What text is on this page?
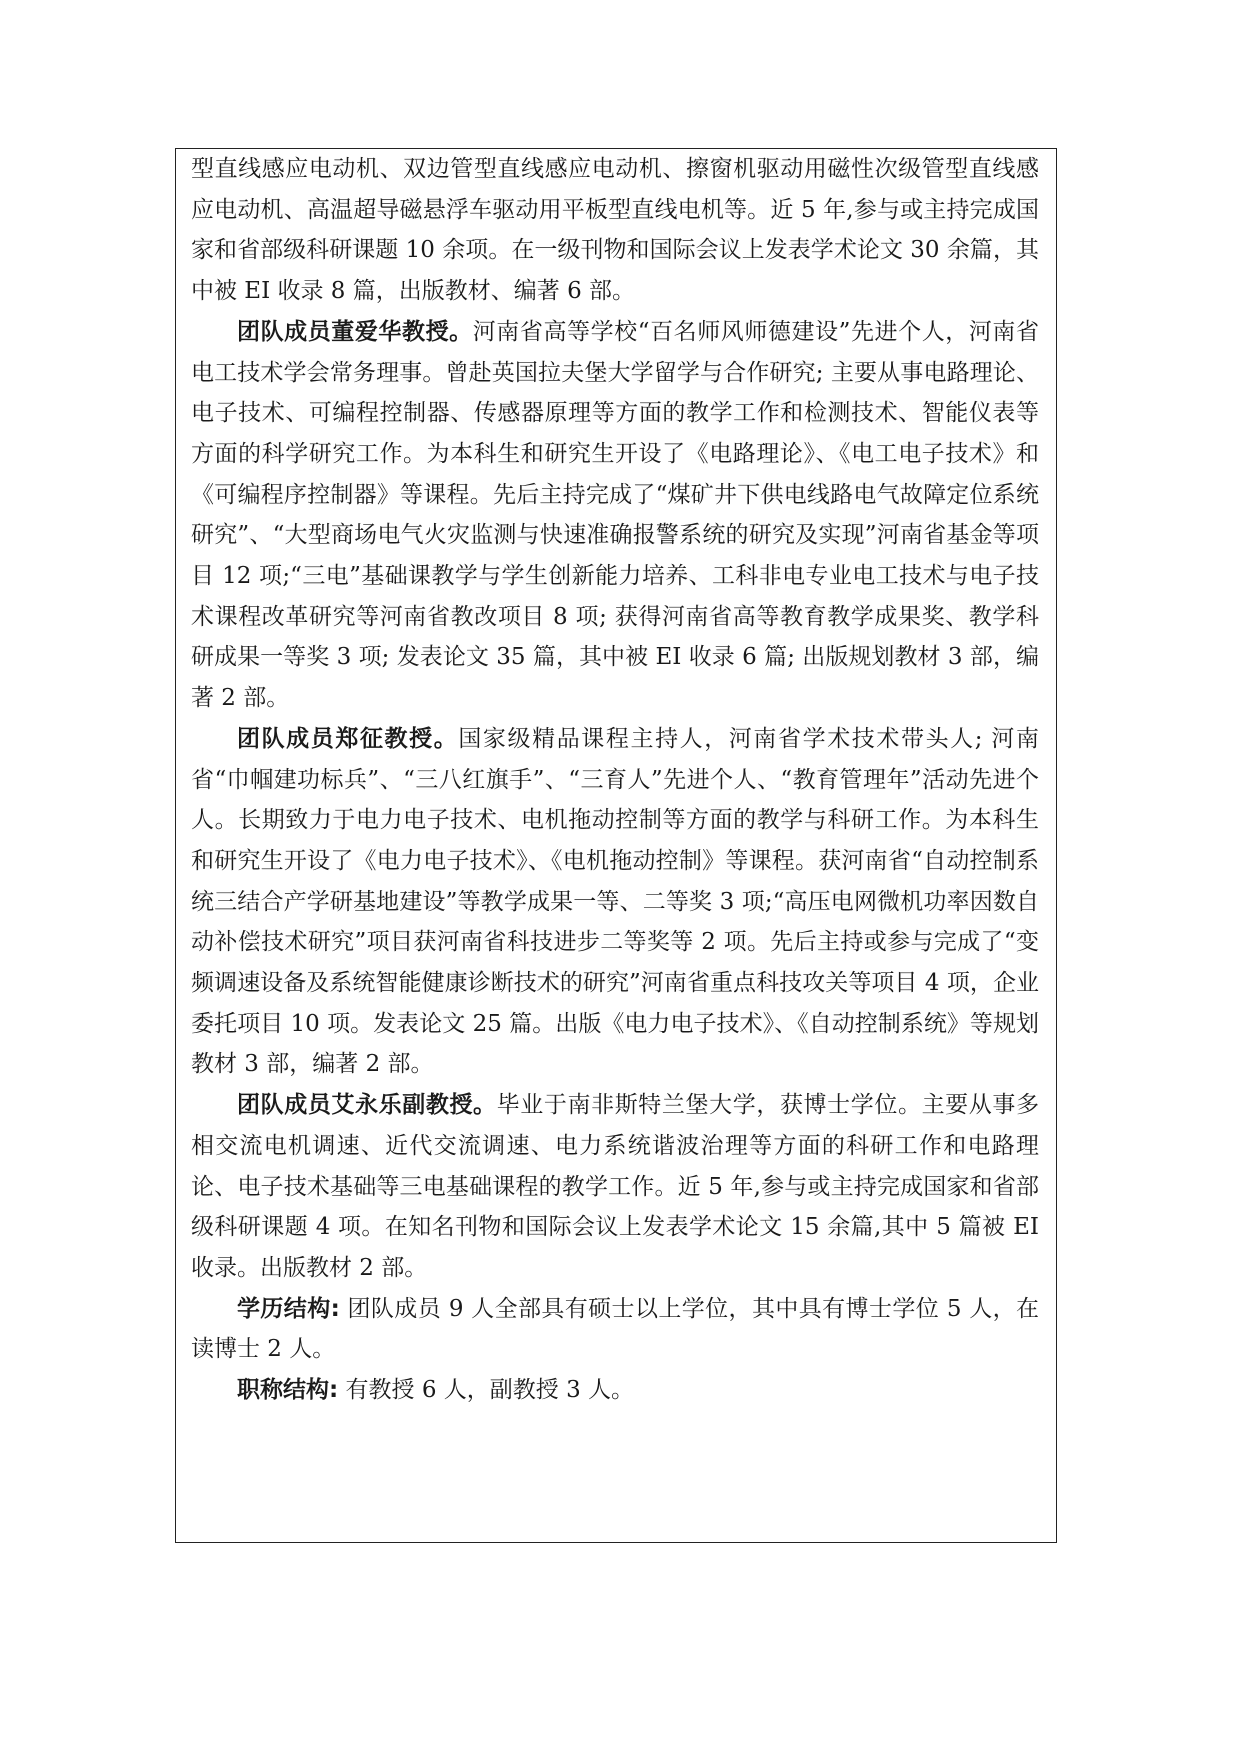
型直线感应电动机、双边管型直线感应电动机、擦窗机驱动用磁性次级管型直线感应电动机、高温超导磁悬浮车驱动用平板型直线电机等。近 5 年,参与或主持完成国家和省部级科研课题 10 余项。在一级刊物和国际会议上发表学术论文 30 余篇，其中被 EI 收录 8 篇，出版教材、编著 6 部。

团队成员董爱华教授。河南省高等学校“百名师风师德建设”先进个人，河南省电工技术学会常务理事。曾赴英国拉夫堡大学留学与合作研究; 主要从事电路理论、电子技术、可编程控制器、传感器原理等方面的教学工作和检测技术、智能仪表等方面的科学研究工作。为本科生和研究生开设了《电路理论》、《电工电子技术》和《可编程序控制器》等课程。先后主持完成了“煤矿井下供电线路电气故障定位系统研究”、“大型商场电气火灾监测与快速准确报警系统的研究及实现”河南省基金等项目 12 项;“三电”基础课教学与学生创新能力培养、工科非电专业电工技术与电子技术课程改革研究等河南省教改项目 8 项; 获得河南省高等教育教学成果奖、教学科研成果一等奖 3 项; 发表论文 35 篇，其中被 EI 收录 6 篇; 出版规划教材 3 部，编著 2 部。

团队成员郑征教授。国家级精品课程主持人，河南省学术技术带头人; 河南省“巾帼建功标兵”、“三八红旗手”、“三育人”先进个人、“教育管理年”活动先进个人。长期致力于电力电子技术、电机拖动控制等方面的教学与科研工作。为本科生和研究生开设了《电力电子技术》、《电机拖动控制》等课程。获河南省“自动控制系统三结合产学研基地建设”等教学成果一等、二等奖 3 项;“高压电网微机功率因数自动补偿技术研究”项目获河南省科技进步二等奖等 2 项。先后主持或参与完成了“变频调速设备及系统智能健康诊断技术的研究”河南省重点科技攻关等项目 4 项，企业委托项目 10 项。发表论文 25 篇。出版《电力电子技术》、《自动控制系统》等规划教材 3 部，编著 2 部。

团队成员艾永乐副教授。毕业于南非斯特兰堡大学，获博士学位。主要从事多相交流电机调速、近代交流调速、电力系统谐波治理等方面的科研工作和电路理论、电子技术基础等三电基础课程的教学工作。近 5 年,参与或主持完成国家和省部级科研课题 4 项。在知名刊物和国际会议上发表学术论文 15 余篇,其中 5 篇被 EI 收录。出版教材 2 部。

学历结构: 团队成员 9 人全部具有硕士以上学位，其中具有博士学位 5 人，在读博士 2 人。

职称结构: 有教授 6 人，副教授 3 人。
